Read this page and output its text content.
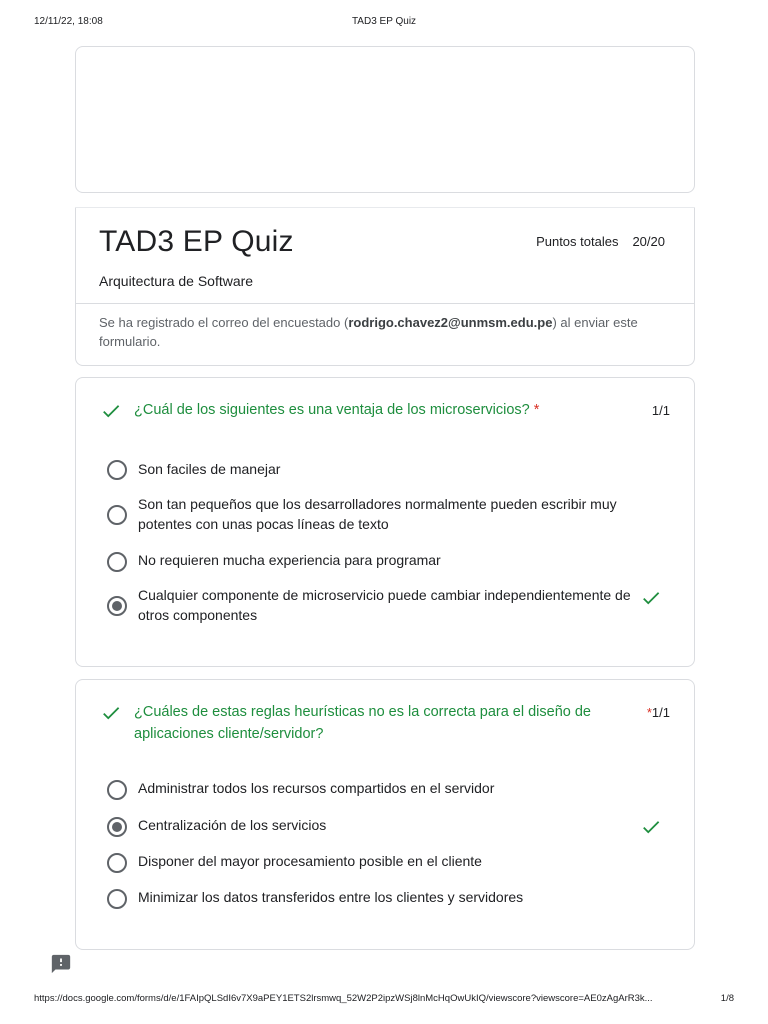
12/11/22, 18:08	TAD3 EP Quiz
TAD3 EP Quiz	Puntos totales 20/20
Arquitectura de Software
Se ha registrado el correo del encuestado (rodrigo.chavez2@unmsm.edu.pe) al enviar este formulario.
¿Cuál de los siguientes es una ventaja de los microservicios? *	1/1
Son faciles de manejar
Son tan pequeños que los desarrolladores normalmente pueden escribir muy potentes con unas pocas líneas de texto
No requieren mucha experiencia para programar
Cualquier componente de microservicio puede cambiar independientemente de otros componentes
¿Cuáles de estas reglas heurísticas no es la correcta para el diseño de aplicaciones cliente/servidor?
*1/1
Administrar todos los recursos compartidos en el servidor
Centralización de los servicios
Disponer del mayor procesamiento posible en el cliente
Minimizar los datos transferidos entre los clientes y servidores
https://docs.google.com/forms/d/e/1FAIpQLSdI6v7X9aPEY1ETS2lrsmwq_52W2P2ipzWSj8lnMcHqOwUkIQ/viewscore?viewscore=AE0zAgArR3k...	1/8
